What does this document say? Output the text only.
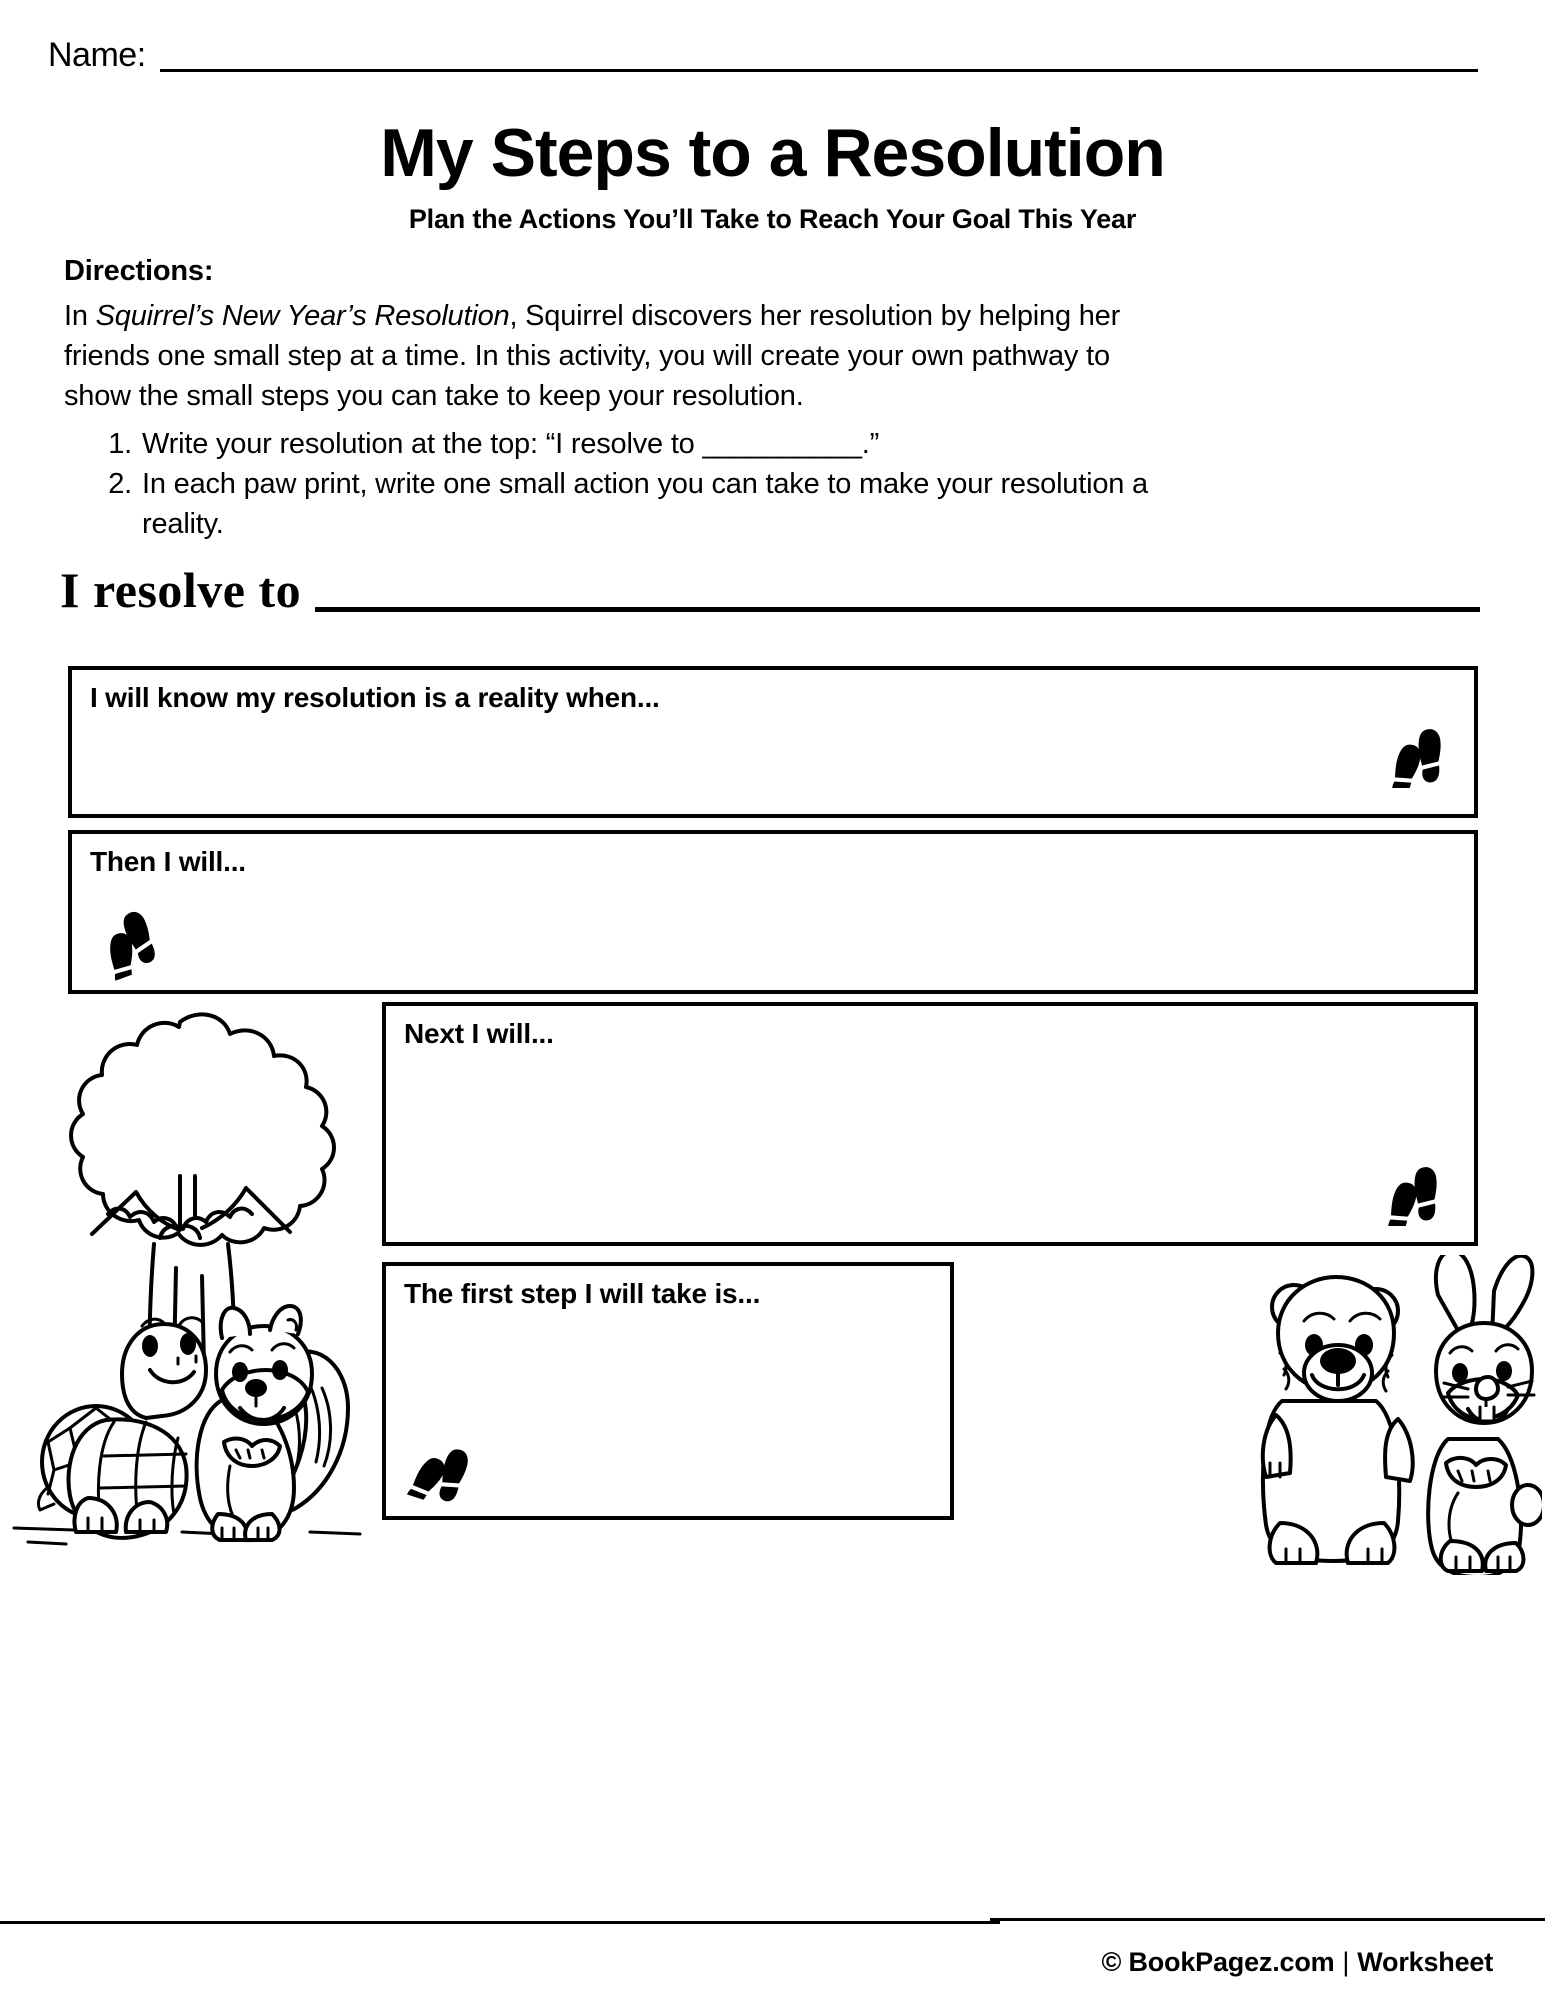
Name:
My Steps to a Resolution
Plan the Actions You’ll Take to Reach Your Goal This Year
Directions:
In Squirrel’s New Year’s Resolution, Squirrel discovers her resolution by helping her friends one small step at a time. In this activity, you will create your own pathway to show the small steps you can take to keep your resolution.
1. Write your resolution at the top: “I resolve to __________.”
2. In each paw print, write one small action you can take to make your resolution a reality.
I resolve to
I will know my resolution is a reality when...
Then I will...
Next I will...
The first step I will take is...
© BookPagez.com | Worksheet
